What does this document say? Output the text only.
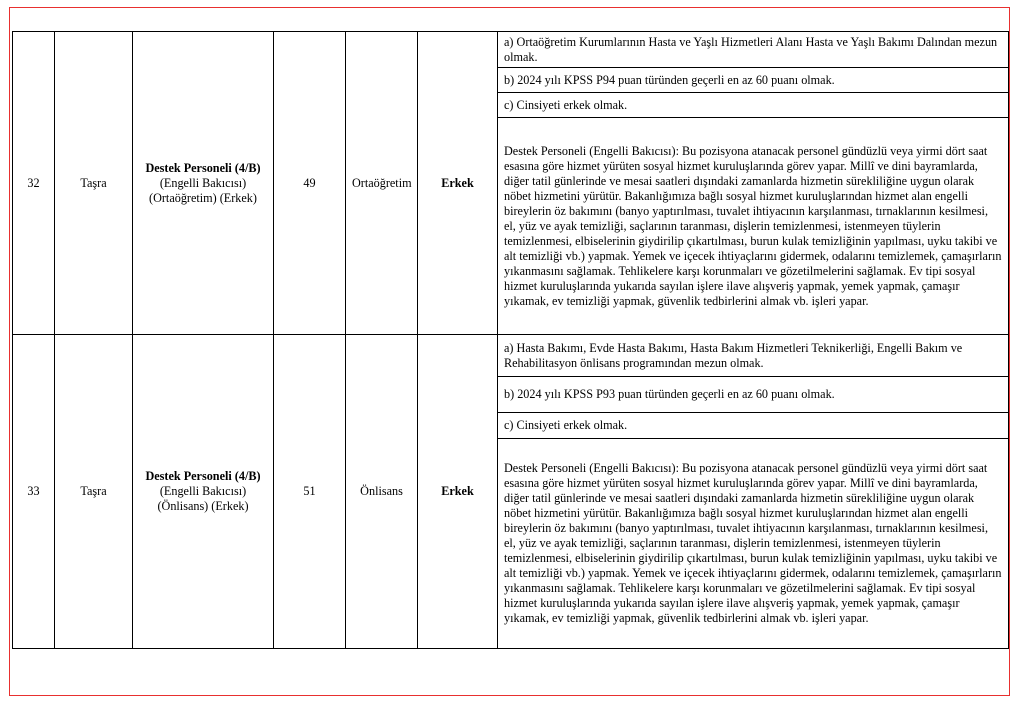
32	Taşra	Destek Personeli (4/B)
(Engelli Bakıcısı)
(Ortaöğretim) (Erkek)	49	Ortaöğretim	Erkek	a) Ortaöğretim Kurumlarının Hasta ve Yaşlı Hizmetleri Alanı Hasta ve Yaşlı Bakımı Dalından mezun olmak.
						b) 2024 yılı KPSS P94 puan türünden geçerli en az 60 puanı olmak.
						c) Cinsiyeti erkek olmak.
						Destek Personeli (Engelli Bakıcısı): Bu pozisyona atanacak personel gündüzlü veya yirmi dört saat esasına göre hizmet yürüten sosyal hizmet kuruluşlarında görev yapar. Millî ve dini bayramlarda, diğer tatil günlerinde ve mesai saatleri dışındaki zamanlarda hizmetin sürekliliğine uygun olarak nöbet hizmetini yürütür. Bakanlığımıza bağlı sosyal hizmet kuruluşlarından hizmet alan engelli bireylerin öz bakımını (banyo yaptırılması, tuvalet ihtiyacının karşılanması, tırnaklarının kesilmesi, el, yüz ve ayak temizliği, saçlarının taranması, dişlerin temizlenmesi, istenmeyen tüylerin temizlenmesi, elbiselerinin giydirilip çıkartılması, burun kulak temizliğinin yapılması, uyku takibi ve alt temizliği vb.) yapmak. Yemek ve içecek ihtiyaçlarını gidermek, odalarını temizlemek, çamaşırların yıkanmasını sağlamak. Tehlikelere karşı korunmaları ve gözetilmelerini sağlamak. Ev tipi sosyal hizmet kuruluşlarında yukarıda sayılan işlere ilave alışveriş yapmak, yemek yapmak, çamaşır yıkamak, ev temizliği yapmak, güvenlik tedbirlerini almak vb. işleri yapar.
33	Taşra	Destek Personeli (4/B)
(Engelli Bakıcısı)
(Önlisans) (Erkek)	51	Önlisans	Erkek	a) Hasta Bakımı, Evde Hasta Bakımı, Hasta Bakım Hizmetleri Teknikerliği, Engelli Bakım ve Rehabilitasyon önlisans programından mezun olmak.
						b) 2024 yılı KPSS P93 puan türünden geçerli en az 60 puanı olmak.
						c) Cinsiyeti erkek olmak.
						Destek Personeli (Engelli Bakıcısı): Bu pozisyona atanacak personel gündüzlü veya yirmi dört saat esasına göre hizmet yürüten sosyal hizmet kuruluşlarında görev yapar. Millî ve dini bayramlarda, diğer tatil günlerinde ve mesai saatleri dışındaki zamanlarda hizmetin sürekliliğine uygun olarak nöbet hizmetini yürütür. Bakanlığımıza bağlı sosyal hizmet kuruluşlarından hizmet alan engelli bireylerin öz bakımını (banyo yaptırılması, tuvalet ihtiyacının karşılanması, tırnaklarının kesilmesi, el, yüz ve ayak temizliği, saçlarının taranması, dişlerin temizlenmesi, istenmeyen tüylerin temizlenmesi, elbiselerinin giydirilip çıkartılması, burun kulak temizliğinin yapılması, uyku takibi ve alt temizliği vb.) yapmak. Yemek ve içecek ihtiyaçlarını gidermek, odalarını temizlemek, çamaşırların yıkanmasını sağlamak. Tehlikelere karşı korunmaları ve gözetilmelerini sağlamak. Ev tipi sosyal hizmet kuruluşlarında yukarıda sayılan işlere ilave alışveriş yapmak, yemek yapmak, çamaşır yıkamak, ev temizliği yapmak, güvenlik tedbirlerini almak vb. işleri yapar.
